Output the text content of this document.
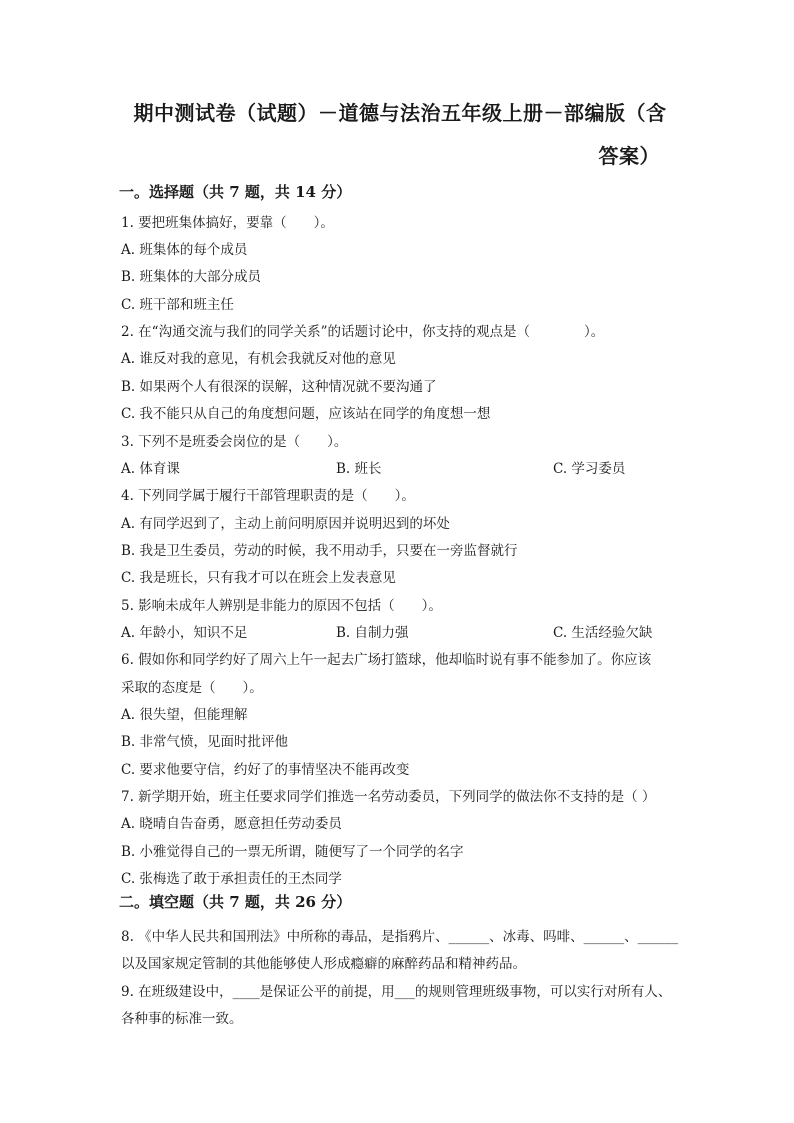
期中测试卷（试题）－道德与法治五年级上册－部编版（含
答案）
一。选择题（共 7 题，共 14 分）
1. 要把班集体搞好，要靠（　　）。
A. 班集体的每个成员
B. 班集体的大部分成员
C. 班干部和班主任
2. 在“沟通交流与我们的同学关系”的话题讨论中，你支持的观点是（　　　　）。
A. 谁反对我的意见，有机会我就反对他的意见
B. 如果两个人有很深的误解，这种情况就不要沟通了
C. 我不能只从自己的角度想问题，应该站在同学的角度想一想
3. 下列不是班委会岗位的是（　　）。
A. 体育课	B. 班长	C. 学习委员
4. 下列同学属于履行干部管理职责的是（　　）。
A. 有同学迟到了，主动上前问明原因并说明迟到的坏处
B. 我是卫生委员，劳动的时候，我不用动手，只要在一旁监督就行
C. 我是班长，只有我才可以在班会上发表意见
5. 影响未成年人辨别是非能力的原因不包括（　　）。
A. 年龄小，知识不足	B. 自制力强	C. 生活经验欠缺
6. 假如你和同学约好了周六上午一起去广场打篮球，他却临时说有事不能参加了。你应该
采取的态度是（　　）。
A. 很失望，但能理解
B. 非常气愤，见面时批评他
C. 要求他要守信，约好了的事情坚决不能再改变
7. 新学期开始，班主任要求同学们推选一名劳动委员，下列同学的做法你不支持的是（ ）
A. 晓晴自告奋勇，愿意担任劳动委员
B. 小雅觉得自己的一票无所谓，随便写了一个同学的名字
C. 张梅选了敢于承担责任的王杰同学
二。填空题（共 7 题，共 26 分）
8. 《中华人民共和国刑法》中所称的毒品，是指鸦片、______、冰毒、吗啡、______、______
以及国家规定管制的其他能够使人形成瘾癖的麻醉药品和精神药品。
9. 在班级建设中，____是保证公平的前提，用___的规则管理班级事物，可以实行对所有人、
各种事的标准一致。
